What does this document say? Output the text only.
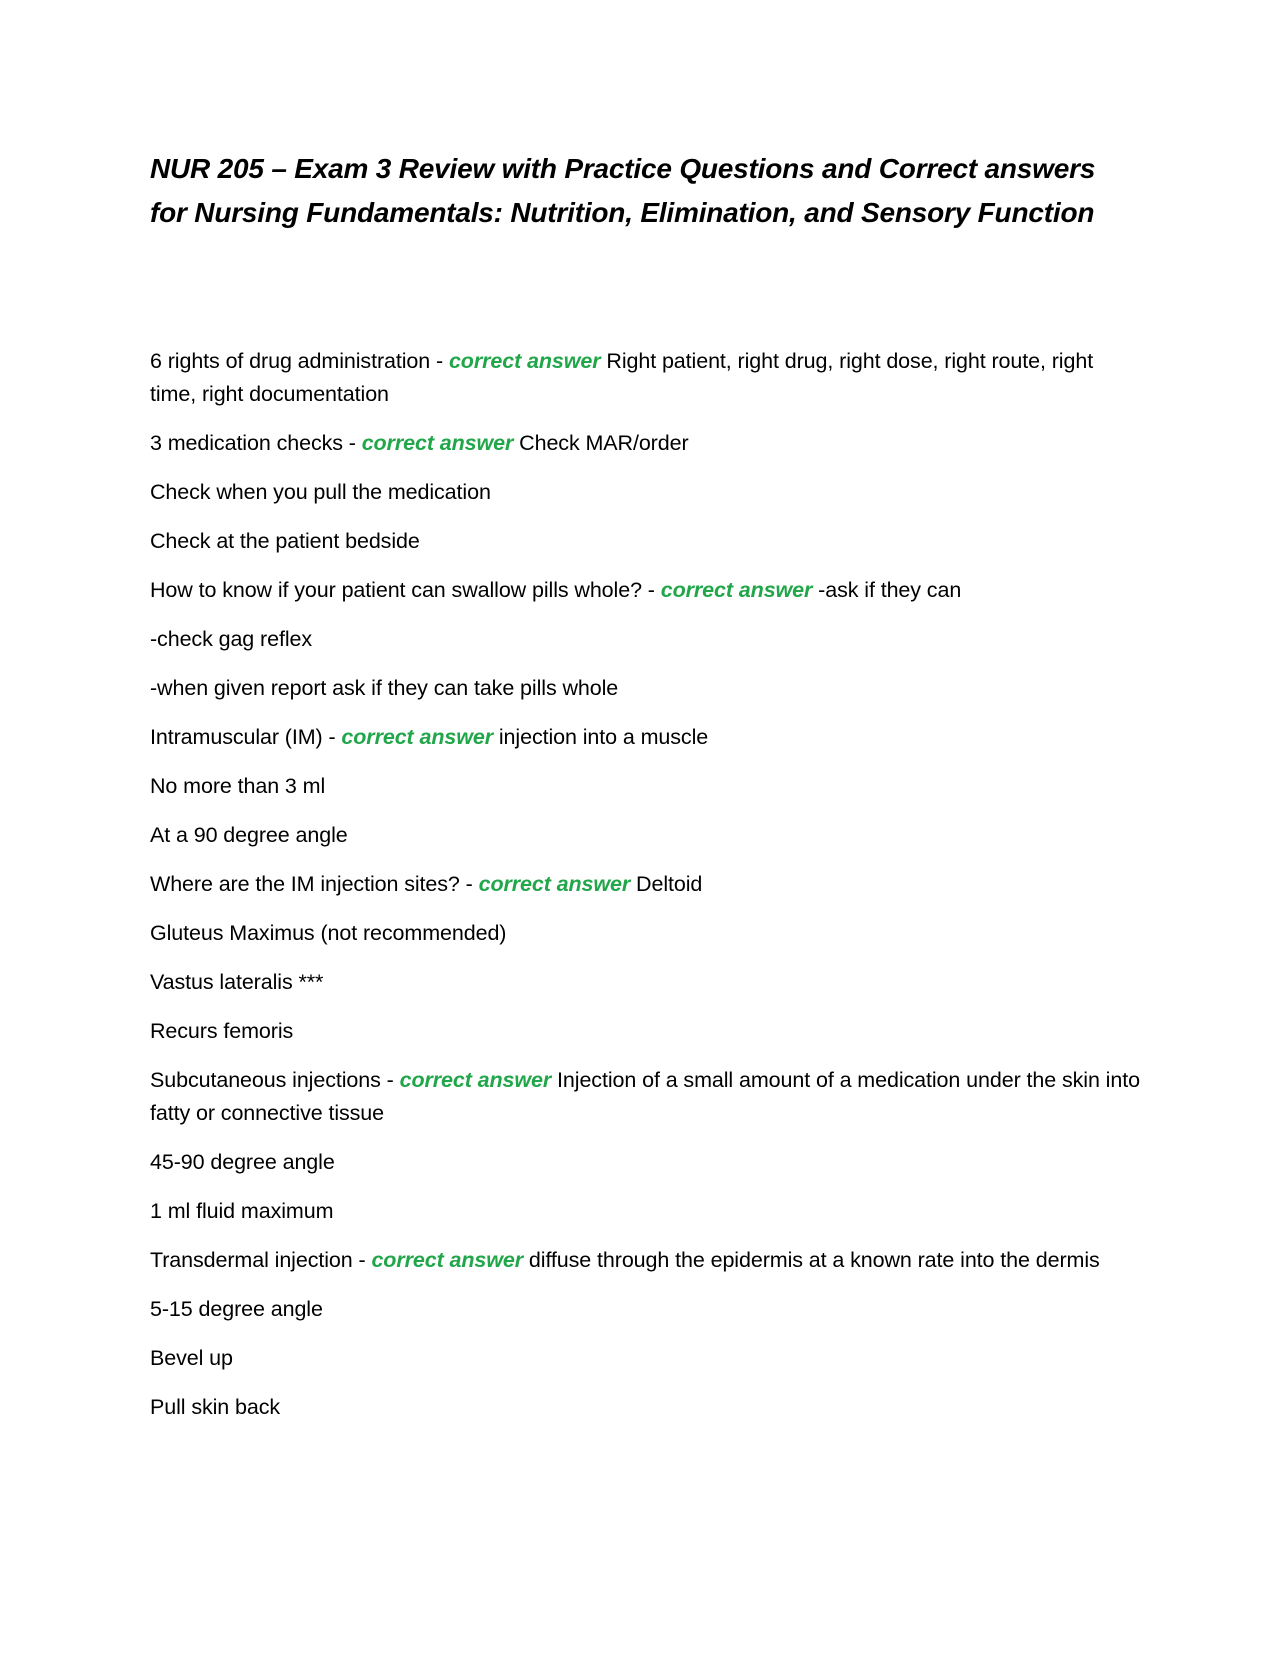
NUR 205 – Exam 3 Review with Practice Questions and Correct answers for Nursing Fundamentals: Nutrition, Elimination, and Sensory Function

6 rights of drug administration - correct answer Right patient, right drug, right dose, right route, right time, right documentation

3 medication checks - correct answer Check MAR/order

Check when you pull the medication

Check at the patient bedside

How to know if your patient can swallow pills whole? - correct answer -ask if they can

-check gag reflex

-when given report ask if they can take pills whole

Intramuscular (IM) - correct answer injection into a muscle

No more than 3 ml

At a 90 degree angle

Where are the IM injection sites? - correct answer Deltoid

Gluteus Maximus (not recommended)

Vastus lateralis ***

Recurs femoris

Subcutaneous injections - correct answer Injection of a small amount of a medication under the skin into fatty or connective tissue

45-90 degree angle

1 ml fluid maximum

Transdermal injection - correct answer diffuse through the epidermis at a known rate into the dermis

5-15 degree angle

Bevel up

Pull skin back
